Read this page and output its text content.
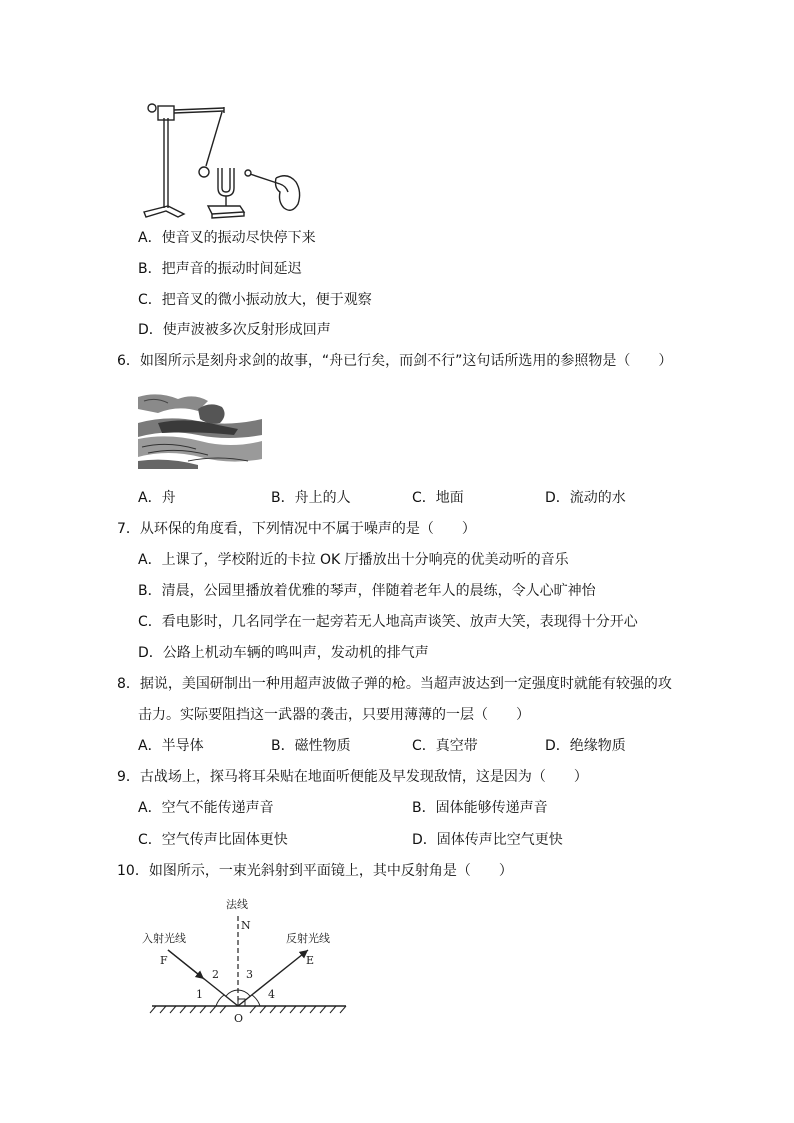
A．使音叉的振动尽快停下来
B．把声音的振动时间延迟
C．把音叉的微小振动放大，便于观察
D．使声波被多次反射形成回声
6．如图所示是刻舟求剑的故事，“舟已行矣，而剑不行”这句话所选用的参照物是（　　）
A．舟	B．舟上的人	C．地面	D．流动的水
7．从环保的角度看，下列情况中不属于噪声的是（　　）
A．上课了，学校附近的卡拉 OK 厅播放出十分响亮的优美动听的音乐
B．清晨，公园里播放着优雅的琴声，伴随着老年人的晨练，令人心旷神怡
C．看电影时，几名同学在一起旁若无人地高声谈笑、放声大笑，表现得十分开心
D．公路上机动车辆的鸣叫声，发动机的排气声
8．据说，美国研制出一种用超声波做子弹的枪。当超声波达到一定强度时就能有较强的攻
击力。实际要阻挡这一武器的袭击，只要用薄薄的一层（　　）
A．半导体	B．磁性物质	C．真空带	D．绝缘物质
9．古战场上，探马将耳朵贴在地面听便能及早发现敌情，这是因为（　　）
A．空气不能传递声音	B．固体能够传递声音
C．空气传声比固体更快	D．固体传声比空气更快
10．如图所示，一束光斜射到平面镜上，其中反射角是（　　）
法线
N
入射光线	反射光线
F	E
O
1
2 3
4
